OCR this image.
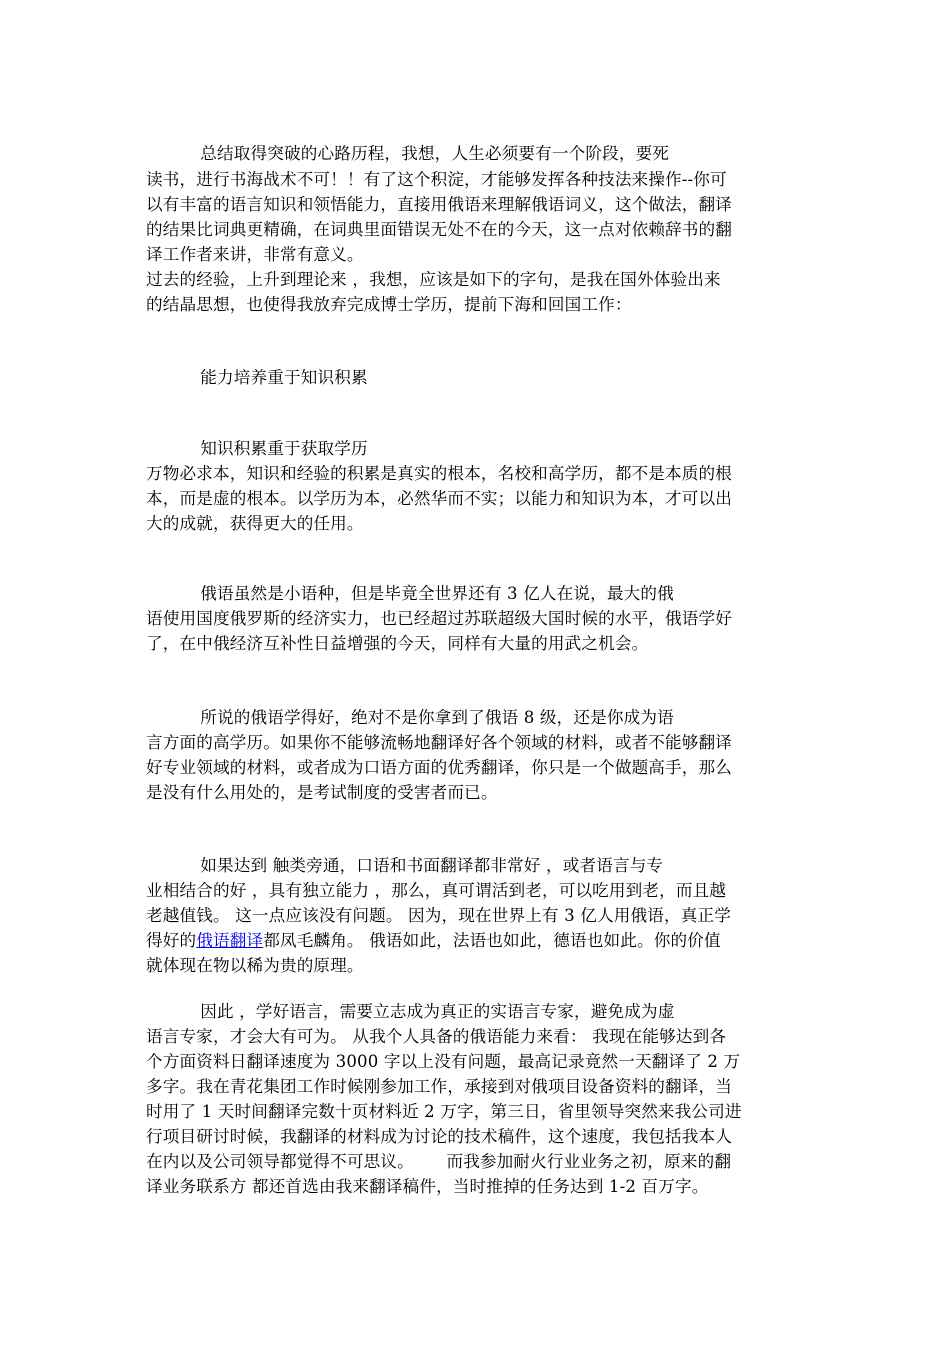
总结取得突破的心路历程，我想，人生必须要有一个阶段，要死
读书，进行书海战术不可！！有了这个积淀，才能够发挥各种技法来操作--你可
以有丰富的语言知识和领悟能力，直接用俄语来理解俄语词义，这个做法，翻译
的结果比词典更精确，在词典里面错误无处不在的今天，这一点对依赖辞书的翻
译工作者来讲，非常有意义。
过去的经验，上升到理论来 ，我想，应该是如下的字句，是我在国外体验出来
的结晶思想，也使得我放弃完成博士学历，提前下海和回国工作：
能力培养重于知识积累
知识积累重于获取学历
万物必求本，知识和经验的积累是真实的根本，名校和高学历，都不是本质的根
本，而是虚的根本。以学历为本，必然华而不实；以能力和知识为本，才可以出
大的成就，获得更大的任用。
俄语虽然是小语种，但是毕竟全世界还有 3 亿人在说，最大的俄
语使用国度俄罗斯的经济实力，也已经超过苏联超级大国时候的水平，俄语学好
了，在中俄经济互补性日益增强的今天，同样有大量的用武之机会。
所说的俄语学得好，绝对不是你拿到了俄语 8 级，还是你成为语
言方面的高学历。如果你不能够流畅地翻译好各个领域的材料，或者不能够翻译
好专业领域的材料，或者成为口语方面的优秀翻译，你只是一个做题高手，那么
是没有什么用处的，是考试制度的受害者而已。
如果达到 触类旁通，口语和书面翻译都非常好 ，或者语言与专
业相结合的好 ，具有独立能力 ，那么，真可谓活到老，可以吃用到老，而且越
老越值钱。 这一点应该没有问题。 因为，现在世界上有 3 亿人用俄语，真正学
得好的俄语翻译都凤毛麟角。 俄语如此，法语也如此，德语也如此。你的价值
就体现在物以稀为贵的原理。
因此 ，学好语言，需要立志成为真正的实语言专家，避免成为虚
语言专家，才会大有可为。 从我个人具备的俄语能力来看： 我现在能够达到各
个方面资料日翻译速度为 3000 字以上没有问题，最高记录竟然一天翻译了 2 万
多字。我在青花集团工作时候刚参加工作，承接到对俄项目设备资料的翻译，当
时用了 1 天时间翻译完数十页材料近 2 万字，第三日，省里领导突然来我公司进
行项目研讨时候，我翻译的材料成为讨论的技术稿件，这个速度，我包括我本人
在内以及公司领导都觉得不可思议。      而我参加耐火行业业务之初，原来的翻
译业务联系方 都还首选由我来翻译稿件，当时推掉的任务达到 1-2 百万字。
